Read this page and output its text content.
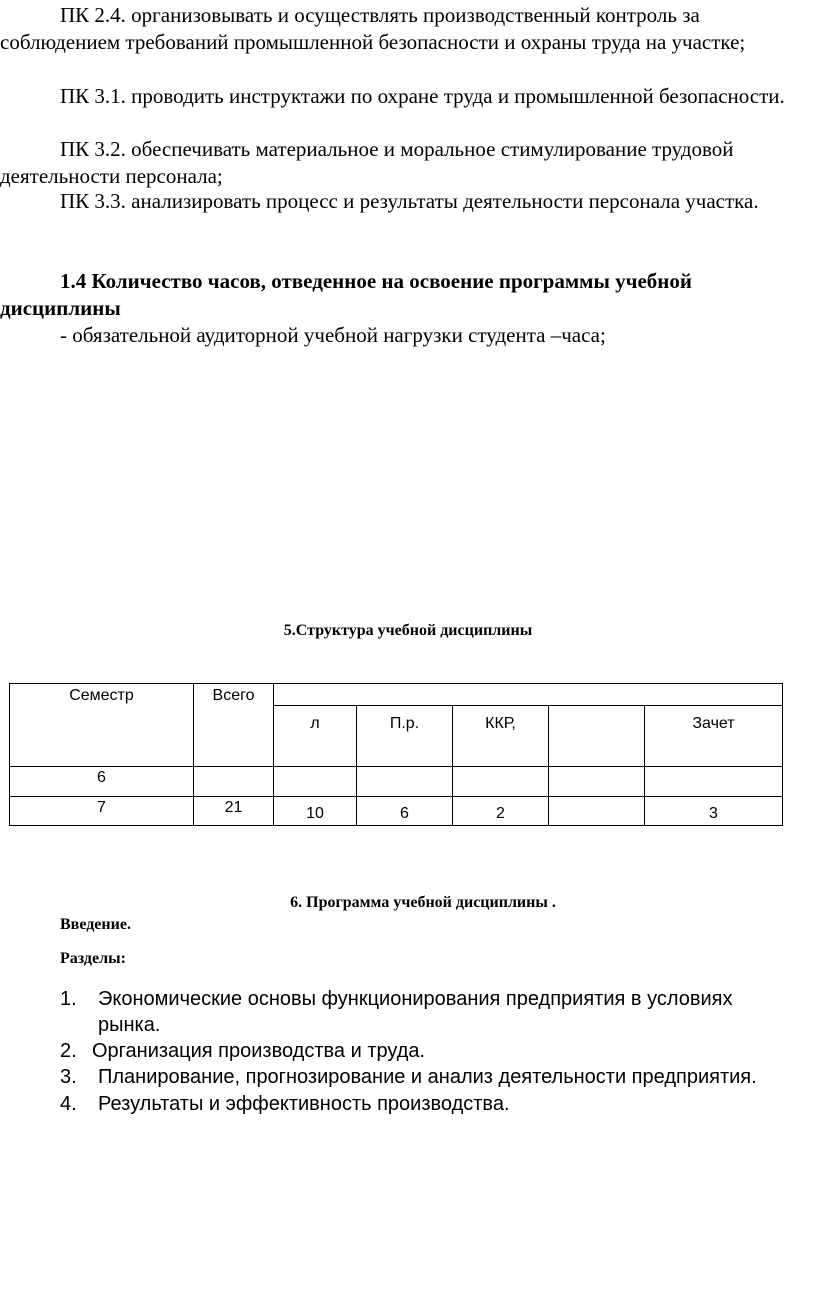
ПК 2.4. организовывать и осуществлять производственный контроль за соблюдением требований промышленной безопасности и охраны труда на участке;

ПК 3.1. проводить инструктажи по охране труда и промышленной безопасности.

ПК 3.2. обеспечивать материальное и моральное стимулирование трудовой деятельности персонала;

ПК 3.3. анализировать процесс и результаты деятельности персонала участка.

1.4 Количество часов, отведенное на освоение программы учебной дисциплины

- обязательной аудиторной учебной нагрузки студента –часа;

5.Структура учебной дисциплины

Семестр	Всего					
		л	П.р.	ККР,		Зачет
6						
7	21	10	6	2		3

6. Программа учебной дисциплины .

Введение.

Разделы:

1.	Экономические основы функционирования предприятия в условиях рынка.
2. Организация производства и труда.
3.	Планирование, прогнозирование и анализ деятельности предприятия.
4.	Результаты и эффективность производства.
